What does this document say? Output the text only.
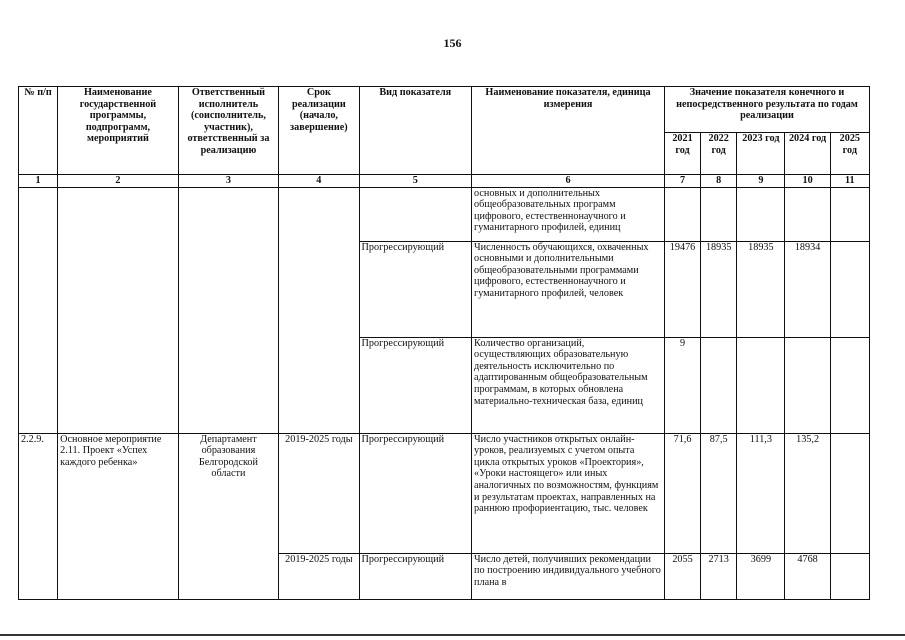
156
№ п/п	Наименование государственной программы, подпрограмм, мероприятий	Ответственный исполнитель (соисполнитель, участник), ответственный за реализацию	Срок реализации (начало, завершение)	Вид показателя	Наименование показателя, единица измерения	Значение показателя конечного и непосредственного результата по годам реализации				
						2021 год	2022 год	2023 год	2024 год	2025 год
1	2	3	4	5	6	7	8	9	10	11
					основных и дополнительных общеобразовательных программ цифрового, естественнонаучного и гуманитарного профилей, единиц					
				Прогрессирующий	Численность обучающихся, охваченных основными и дополнительными общеобразовательными программами цифрового, естественнонаучного и гуманитарного профилей, человек	19476	18935	18935	18934	
				Прогрессирующий	Количество организаций, осуществляющих образовательную деятельность исключительно по адаптированным общеобразовательным программам, в которых обновлена материально-техническая база, единиц	9				
2.2.9.	Основное мероприятие 2.11. Проект «Успех каждого ребенка»	Департамент образования Белгородской области	2019-2025 годы	Прогрессирующий	Число участников открытых онлайн-уроков, реализуемых с учетом опыта цикла открытых уроков «Проектория», «Уроки настоящего» или иных аналогичных по возможностям, функциям и результатам проектах, направленных на раннюю профориентацию, тыс. человек	71,6	87,5	111,3	135,2	
			2019-2025 годы	Прогрессирующий	Число детей, получивших рекомендации по построению индивидуального учебного плана в	2055	2713	3699	4768	
